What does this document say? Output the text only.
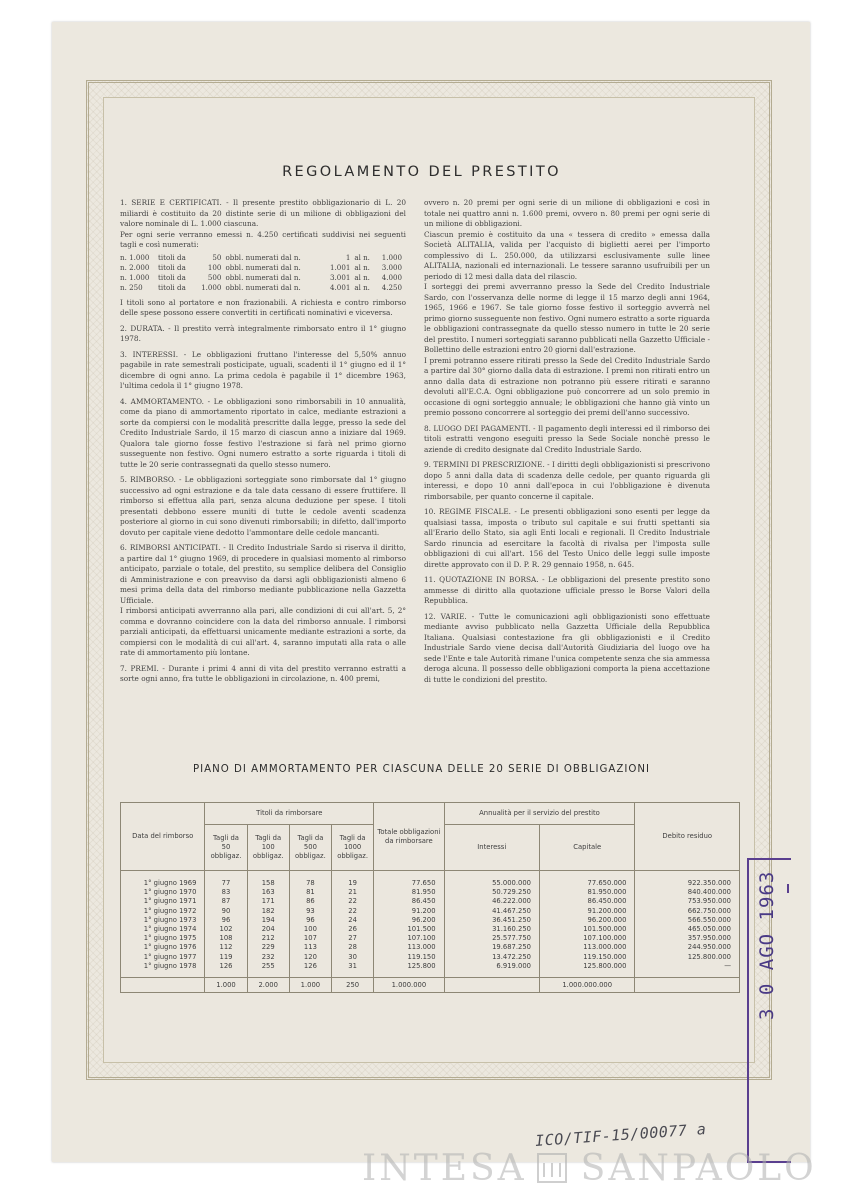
REGOLAMENTO DEL PRESTITO

1. SERIE E CERTIFICATI. - Il presente prestito obbligazionario di L. 20 miliardi è costituito da 20 distinte serie di un milione di obbligazioni del valore nominale di L. 1.000 ciascuna.

Per ogni serie verranno emessi n. 4.250 certificati suddivisi nei seguenti tagli e così numerati:

n. 1.000	titoli da	50	obbl. numerati dal n.	1	al n.	1.000
n. 2.000	titoli da	100	obbl. numerati dal n.	1.001	al n.	3.000
n. 1.000	titoli da	500	obbl. numerati dal n.	3.001	al n.	4.000
n. 250	titoli da	1.000	obbl. numerati dal n.	4.001	al n.	4.250

I titoli sono al portatore e non frazionabili. A richiesta e contro rimborso delle spese possono essere convertiti in certificati nominativi e viceversa.

2. DURATA. - Il prestito verrà integralmente rimborsato entro il 1° giugno 1978.

3. INTERESSI. - Le obbligazioni fruttano l'interesse del 5,50% annuo pagabile in rate semestrali posticipate, uguali, scadenti il 1° giugno ed il 1° dicembre di ogni anno. La prima cedola è pagabile il 1° dicembre 1963, l'ultima cedola il 1° giugno 1978.

4. AMMORTAMENTO. - Le obbligazioni sono rimborsabili in 10 annualità, come da piano di ammortamento riportato in calce, mediante estrazioni a sorte da compiersi con le modalità prescritte dalla legge, presso la sede del Credito Industriale Sardo, il 15 marzo di ciascun anno a iniziare dal 1969. Qualora tale giorno fosse festivo l'estrazione si farà nel primo giorno susseguente non festivo. Ogni numero estratto a sorte riguarda i titoli di tutte le 20 serie contrassegnati da quello stesso numero.

5. RIMBORSO. - Le obbligazioni sorteggiate sono rimborsate dal 1° giugno successivo ad ogni estrazione e da tale data cessano di essere fruttifere. Il rimborso si effettua alla pari, senza alcuna deduzione per spese. I titoli presentati debbono essere muniti di tutte le cedole aventi scadenza posteriore al giorno in cui sono divenuti rimborsabili; in difetto, dall'importo dovuto per capitale viene dedotto l'ammontare delle cedole mancanti.

6. RIMBORSI ANTICIPATI. - Il Credito Industriale Sardo si riserva il diritto, a partire dal 1° giugno 1969, di procedere in qualsiasi momento al rimborso anticipato, parziale o totale, del prestito, su semplice delibera del Consiglio di Amministrazione e con preavviso da darsi agli obbligazionisti almeno 6 mesi prima della data del rimborso mediante pubblicazione nella Gazzetta Ufficiale.

I rimborsi anticipati avverranno alla pari, alle condizioni di cui all'art. 5, 2° comma e dovranno coincidere con la data del rimborso annuale. I rimborsi parziali anticipati, da effettuarsi unicamente mediante estrazioni a sorte, da compiersi con le modalità di cui all'art. 4, saranno imputati alla rata o alle rate di ammortamento più lontane.

7. PREMI. - Durante i primi 4 anni di vita del prestito verranno estratti a sorte ogni anno, fra tutte le obbligazioni in circolazione, n. 400 premi,

ovvero n. 20 premi per ogni serie di un milione di obbligazioni e così in totale nei quattro anni n. 1.600 premi, ovvero n. 80 premi per ogni serie di un milione di obbligazioni.

Ciascun premio è costituito da una « tessera di credito » emessa dalla Società ALITALIA, valida per l'acquisto di biglietti aerei per l'importo complessivo di L. 250.000, da utilizzarsi esclusivamente sulle linee ALITALIA, nazionali ed internazionali. Le tessere saranno usufruibili per un periodo di 12 mesi dalla data del rilascio.

I sorteggi dei premi avverranno presso la Sede del Credito Industriale Sardo, con l'osservanza delle norme di legge il 15 marzo degli anni 1964, 1965, 1966 e 1967. Se tale giorno fosse festivo il sorteggio avverrà nel primo giorno susseguente non festivo. Ogni numero estratto a sorte riguarda le obbligazioni contrassegnate da quello stesso numero in tutte le 20 serie del prestito. I numeri sorteggiati saranno pubblicati nella Gazzetto Ufficiale - Bollettino delle estrazioni entro 20 giorni dall'estrazione.

I premi potranno essere ritirati presso la Sede del Credito Industriale Sardo a partire dal 30° giorno dalla data di estrazione. I premi non ritirati entro un anno dalla data di estrazione non potranno più essere ritirati e saranno devoluti all'E.C.A. Ogni obbligazione può concorrere ad un solo premio in occasione di ogni sorteggio annuale; le obbligazioni che hanno già vinto un premio possono concorrere al sorteggio dei premi dell'anno successivo.

8. LUOGO DEI PAGAMENTI. - Il pagamento degli interessi ed il rimborso dei titoli estratti vengono eseguiti presso la Sede Sociale nonchè presso le aziende di credito designate dal Credito Industriale Sardo.

9. TERMINI DI PRESCRIZIONE. - I diritti degli obbligazionisti si prescrivono dopo 5 anni dalla data di scadenza delle cedole, per quanto riguarda gli interessi, e dopo 10 anni dall'epoca in cui l'obbligazione è divenuta rimborsabile, per quanto concerne il capitale.

10. REGIME FISCALE. - Le presenti obbligazioni sono esenti per legge da qualsiasi tassa, imposta o tributo sul capitale e sui frutti spettanti sia all'Erario dello Stato, sia agli Enti locali e regionali. Il Credito Industriale Sardo rinuncia ad esercitare la facoltà di rivalsa per l'imposta sulle obbligazioni di cui all'art. 156 del Testo Unico delle leggi sulle imposte dirette approvato con il D. P. R. 29 gennaio 1958, n. 645.

11. QUOTAZIONE IN BORSA. - Le obbligazioni del presente prestito sono ammesse di diritto alla quotazione ufficiale presso le Borse Valori della Repubblica.

12. VARIE. - Tutte le comunicazioni agli obbligazionisti sono effettuate mediante avviso pubblicato nella Gazzetta Ufficiale della Repubblica Italiana. Qualsiasi contestazione fra gli obbligazionisti e il Credito Industriale Sardo viene decisa dall'Autorità Giudiziaria del luogo ove ha sede l'Ente e tale Autorità rimane l'unica competente senza che sia ammessa deroga alcuna. Il possesso delle obbligazioni comporta la piena accettazione di tutte le condizioni del prestito.

PIANO DI AMMORTAMENTO PER CIASCUNA DELLE 20 SERIE DI OBBLIGAZIONI
Data del rimborso	Titoli da rimborsare				Totale obbligazioni da rimborsare	Annualità per il servizio del prestito		Debito residuo
	Tagli da 50 obbligaz.	Tagli da 100 obbligaz.	Tagli da 500 obbligaz.	Tagli da 1000 obbligaz.		Interessi	Capitale	
1° giugno 1969	77	158	78	19	77.650	55.000.000	77.650.000	922.350.000
1° giugno 1970	83	163	81	21	81.950	50.729.250	81.950.000	840.400.000
1° giugno 1971	87	171	86	22	86.450	46.222.000	86.450.000	753.950.000
1° giugno 1972	90	182	93	22	91.200	41.467.250	91.200.000	662.750.000
1° giugno 1973	96	194	96	24	96.200	36.451.250	96.200.000	566.550.000
1° giugno 1974	102	204	100	26	101.500	31.160.250	101.500.000	465.050.000
1° giugno 1975	108	212	107	27	107.100	25.577.750	107.100.000	357.950.000
1° giugno 1976	112	229	113	28	113.000	19.687.250	113.000.000	244.950.000
1° giugno 1977	119	232	120	30	119.150	13.472.250	119.150.000	125.800.000
1° giugno 1978	126	255	126	31	125.800	6.919.000	125.800.000	—
	1.000	2.000	1.000	250	1.000.000		1.000.000.000		3 0 AGO 1963
ICO/TIF-15/00077 a
INTESA SANPAOLO
